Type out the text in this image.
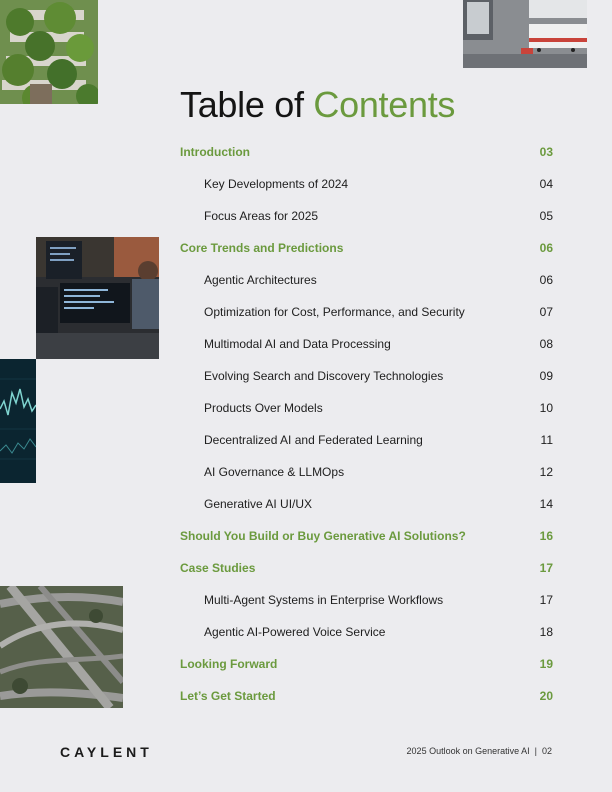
Table of Contents
Introduction	03
Key Developments of 2024	04
Focus Areas for 2025	05
Core Trends and Predictions	06
Agentic Architectures	06
Optimization for Cost, Performance, and Security	07
Multimodal AI and Data Processing	08
Evolving Search and Discovery Technologies	09
Products Over Models	10
Decentralized AI and Federated Learning	11
AI Governance & LLMOps	12
Generative AI UI/UX	14
Should You Build or Buy Generative AI Solutions?	16
Case Studies	17
Multi-Agent Systems in Enterprise Workflows	17
Agentic AI-Powered Voice Service	18
Looking Forward	19
Let’s Get Started	20
CAYLENT	2025 Outlook on Generative AI | 02
